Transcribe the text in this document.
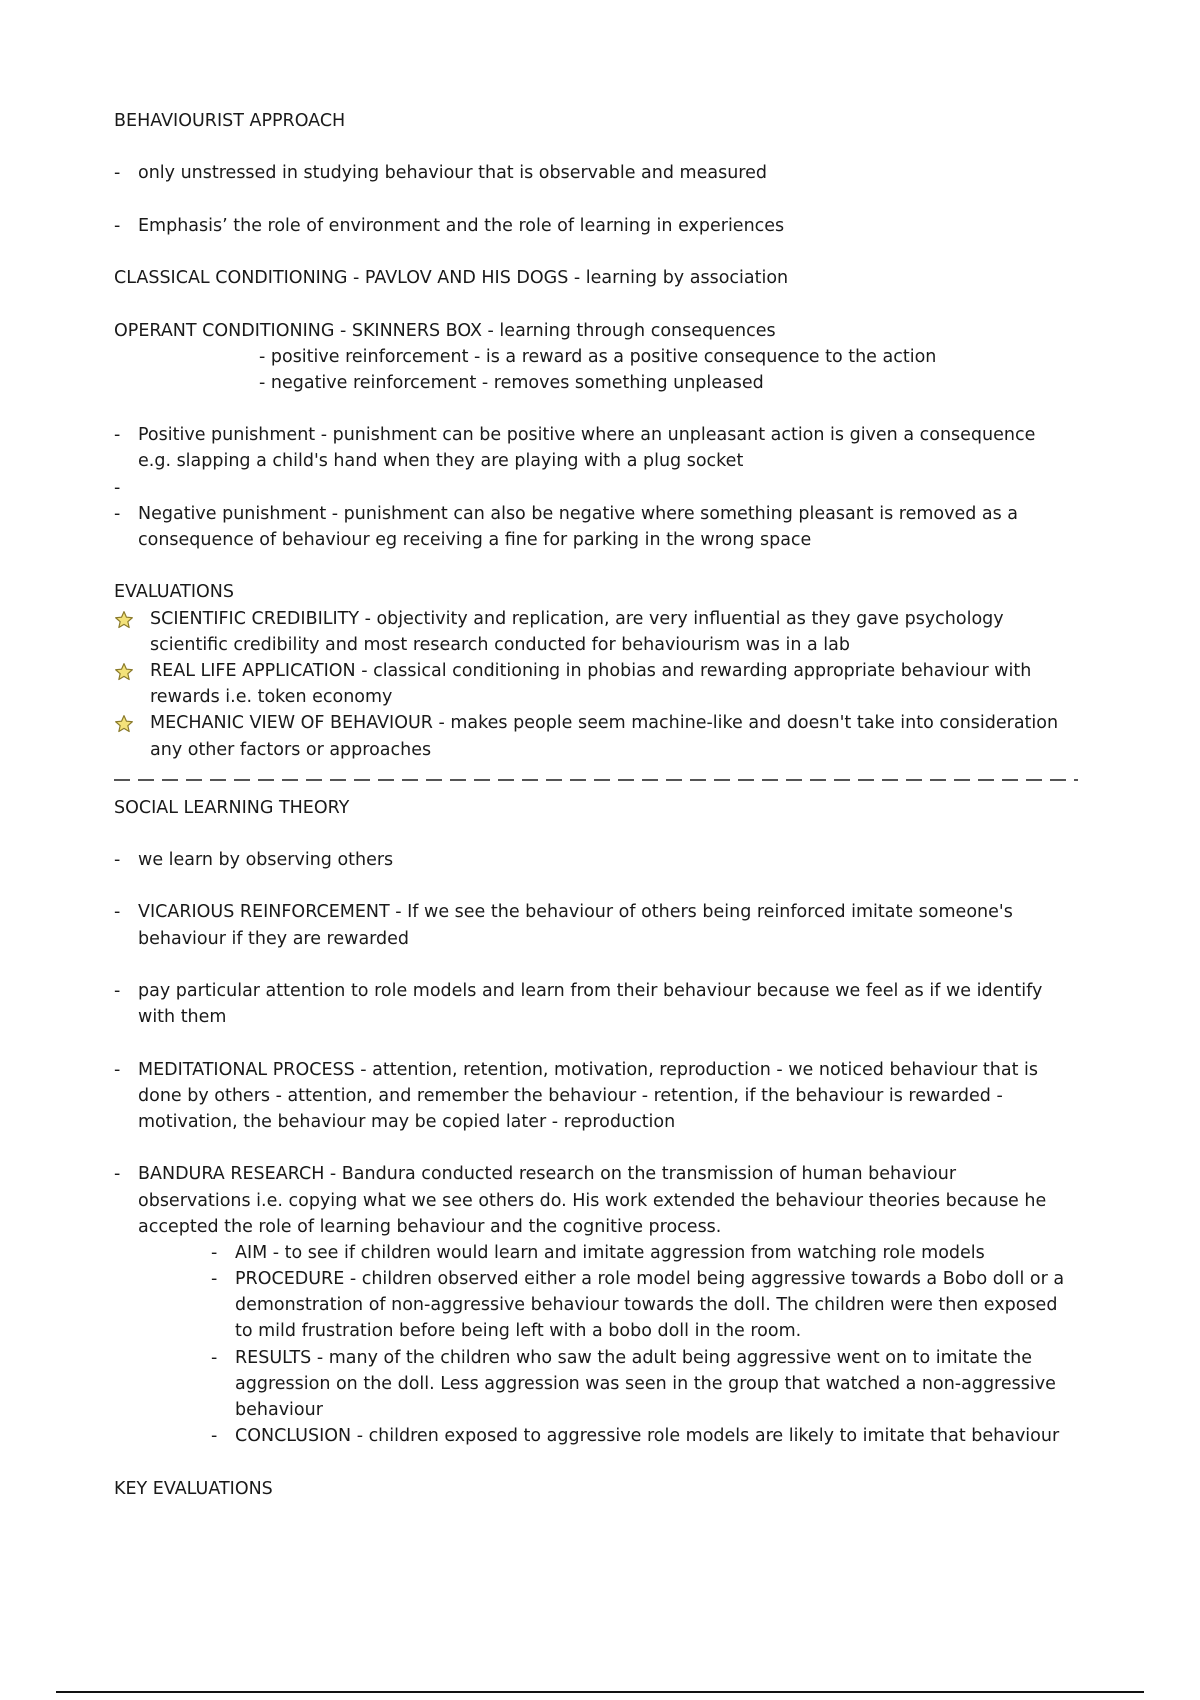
BEHAVIOURIST APPROACH
-	only unstressed in studying behaviour that is observable and measured
-	Emphasis’ the role of environment and the role of learning in experiences
CLASSICAL CONDITIONING - PAVLOV AND HIS DOGS - learning by association
OPERANT CONDITIONING - SKINNERS BOX - learning through consequences
- positive reinforcement - is a reward as a positive consequence to the action
- negative reinforcement - removes something unpleased
-	Positive punishment - punishment can be positive where an unpleasant action is given a consequence
e.g. slapping a child's hand when they are playing with a plug socket
-
-	Negative punishment - punishment can also be negative where something pleasant is removed as a
consequence of behaviour eg receiving a fine for parking in the wrong space
EVALUATIONS
SCIENTIFIC CREDIBILITY - objectivity and replication, are very influential as they gave psychology
scientific credibility and most research conducted for behaviourism was in a lab
REAL LIFE APPLICATION - classical conditioning in phobias and rewarding appropriate behaviour with
rewards i.e. token economy
MECHANIC VIEW OF BEHAVIOUR - makes people seem machine-like and doesn't take into consideration
any other factors or approaches
SOCIAL LEARNING THEORY
-	we learn by observing others
-	VICARIOUS REINFORCEMENT - If we see the behaviour of others being reinforced imitate someone's
behaviour if they are rewarded
-	pay particular attention to role models and learn from their behaviour because we feel as if we identify
with them
-	MEDITATIONAL PROCESS - attention, retention, motivation, reproduction - we noticed behaviour that is
done by others - attention, and remember the behaviour - retention, if the behaviour is rewarded -
motivation, the behaviour may be copied later - reproduction
-	BANDURA RESEARCH - Bandura conducted research on the transmission of human behaviour
observations i.e. copying what we see others do. His work extended the behaviour theories because he
accepted the role of learning behaviour and the cognitive process.
- AIM - to see if children would learn and imitate aggression from watching role models
- PROCEDURE - children observed either a role model being aggressive towards a Bobo doll or a
demonstration of non-aggressive behaviour towards the doll. The children were then exposed
to mild frustration before being left with a bobo doll in the room.
- RESULTS - many of the children who saw the adult being aggressive went on to imitate the
aggression on the doll. Less aggression was seen in the group that watched a non-aggressive
behaviour
- CONCLUSION - children exposed to aggressive role models are likely to imitate that behaviour
KEY EVALUATIONS
